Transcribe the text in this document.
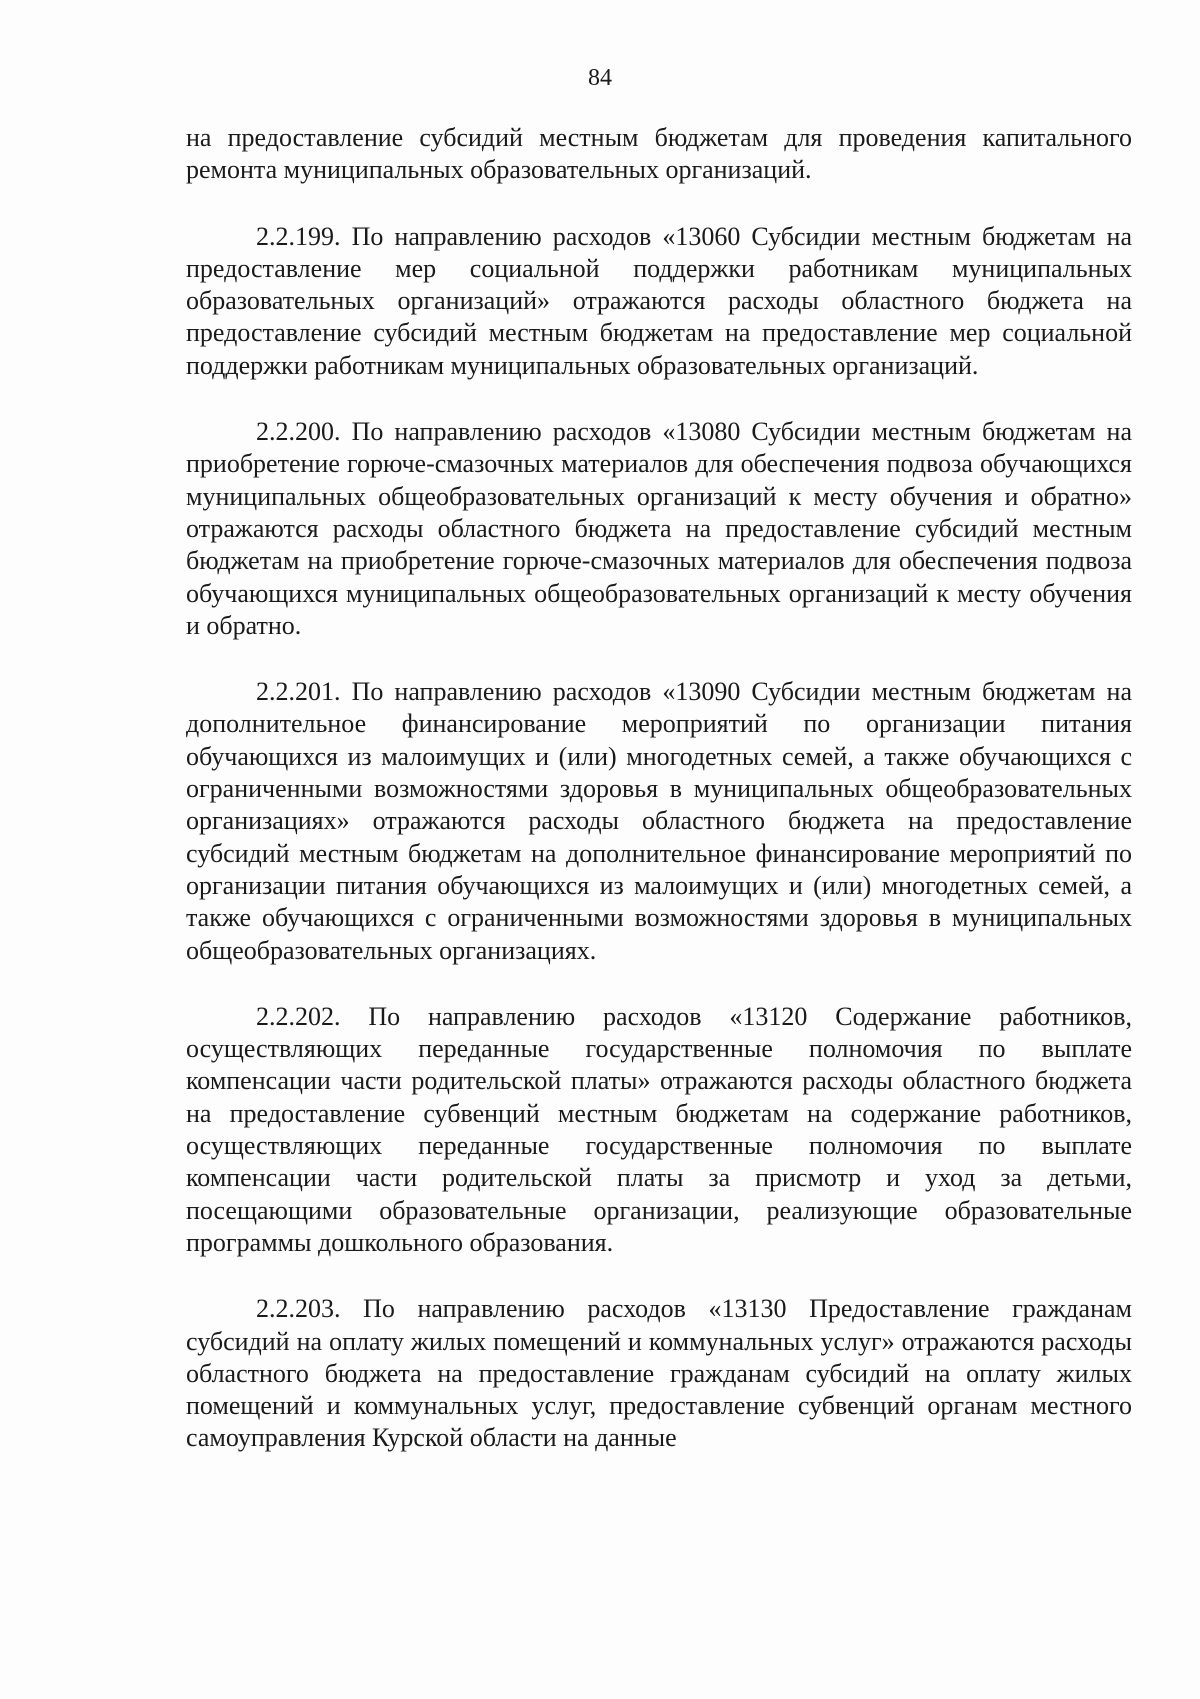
84

на предоставление субсидий местным бюджетам для проведения капитального ремонта муниципальных образовательных организаций.

2.2.199. По направлению расходов «13060 Субсидии местным бюджетам на предоставление мер социальной поддержки работникам муниципальных образовательных организаций» отражаются расходы областного бюджета на предоставление субсидий местным бюджетам на предоставление мер социальной поддержки работникам муниципальных образовательных организаций.

2.2.200. По направлению расходов «13080 Субсидии местным бюджетам на приобретение горюче-смазочных материалов для обеспечения подвоза обучающихся муниципальных общеобразовательных организаций к месту обучения и обратно» отражаются расходы областного бюджета на предоставление субсидий местным бюджетам на приобретение горюче-смазочных материалов для обеспечения подвоза обучающихся муниципальных общеобразовательных организаций к месту обучения и обратно.

2.2.201. По направлению расходов «13090 Субсидии местным бюджетам на дополнительное финансирование мероприятий по организации питания обучающихся из малоимущих и (или) многодетных семей, а также обучающихся с ограниченными возможностями здоровья в муниципальных общеобразовательных организациях» отражаются расходы областного бюджета на предоставление субсидий местным бюджетам на дополнительное финансирование мероприятий по организации питания обучающихся из малоимущих и (или) многодетных семей, а также обучающихся с ограниченными возможностями здоровья в муниципальных общеобразовательных организациях.

2.2.202. По направлению расходов «13120 Содержание работников, осуществляющих переданные государственные полномочия по выплате компенсации части родительской платы» отражаются расходы областного бюджета на предоставление субвенций местным бюджетам на содержание работников, осуществляющих переданные государственные полномочия по выплате компенсации части родительской платы за присмотр и уход за детьми, посещающими образовательные организации, реализующие образовательные программы дошкольного образования.

2.2.203. По направлению расходов «13130 Предоставление гражданам субсидий на оплату жилых помещений и коммунальных услуг» отражаются расходы областного бюджета на предоставление гражданам субсидий на оплату жилых помещений и коммунальных услуг, предоставление субвенций органам местного самоуправления Курской области на данные
